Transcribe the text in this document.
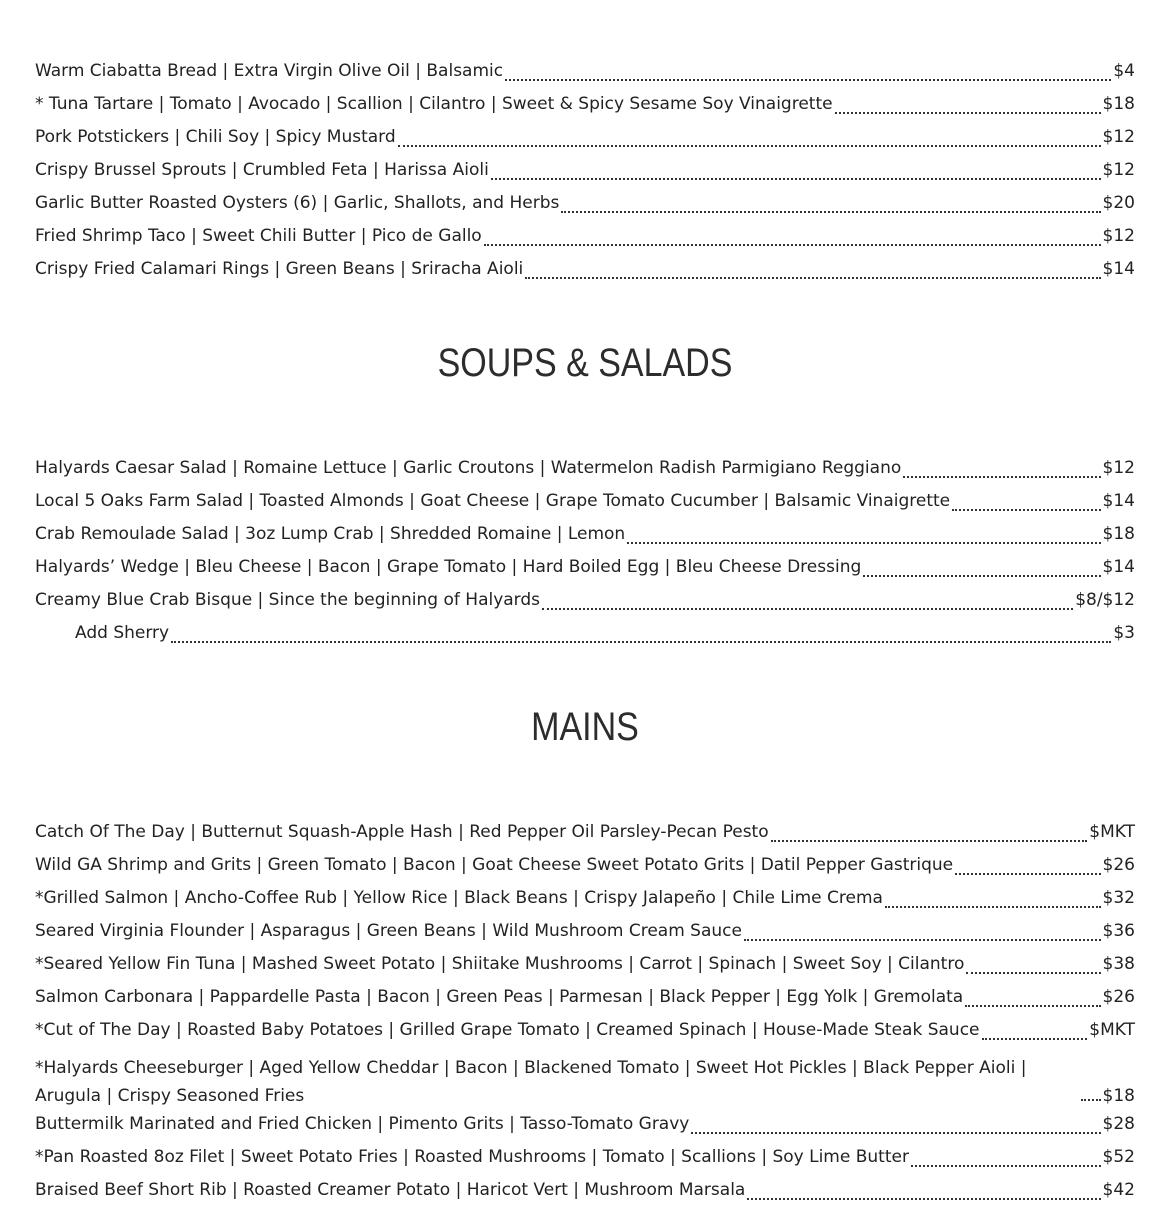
Warm Ciabatta Bread | Extra Virgin Olive Oil | Balsamic	$4
* Tuna Tartare | Tomato | Avocado | Scallion | Cilantro | Sweet & Spicy Sesame Soy Vinaigrette	$18
Pork Potstickers | Chili Soy | Spicy Mustard	$12
Crispy Brussel Sprouts | Crumbled Feta | Harissa Aioli	$12
Garlic Butter Roasted Oysters (6) | Garlic, Shallots, and Herbs	$20
Fried Shrimp Taco | Sweet Chili Butter | Pico de Gallo	$12
Crispy Fried Calamari Rings | Green Beans | Sriracha Aioli	$14
SOUPS & SALADS
Halyards Caesar Salad | Romaine Lettuce | Garlic Croutons | Watermelon Radish Parmigiano Reggiano	$12
Local 5 Oaks Farm Salad | Toasted Almonds | Goat Cheese | Grape Tomato Cucumber | Balsamic Vinaigrette	$14
Crab Remoulade Salad | 3oz Lump Crab | Shredded Romaine | Lemon	$18
Halyards’ Wedge | Bleu Cheese | Bacon | Grape Tomato | Hard Boiled Egg | Bleu Cheese Dressing	$14
Creamy Blue Crab Bisque | Since the beginning of Halyards	$8/$12
Add Sherry	$3
MAINS
Catch Of The Day | Butternut Squash-Apple Hash | Red Pepper Oil Parsley-Pecan Pesto	$MKT
Wild GA Shrimp and Grits | Green Tomato | Bacon | Goat Cheese Sweet Potato Grits | Datil Pepper Gastrique	$26
*Grilled Salmon | Ancho-Coffee Rub | Yellow Rice | Black Beans | Crispy Jalapeño | Chile Lime Crema	$32
Seared Virginia Flounder | Asparagus | Green Beans | Wild Mushroom Cream Sauce	$36
*Seared Yellow Fin Tuna | Mashed Sweet Potato | Shiitake Mushrooms | Carrot | Spinach | Sweet Soy | Cilantro	$38
Salmon Carbonara | Pappardelle Pasta | Bacon | Green Peas | Parmesan | Black Pepper | Egg Yolk | Gremolata	$26
*Cut of The Day | Roasted Baby Potatoes | Grilled Grape Tomato | Creamed Spinach | House-Made Steak Sauce	$MKT
*Halyards Cheeseburger | Aged Yellow Cheddar | Bacon | Blackened Tomato | Sweet Hot Pickles | Black Pepper Aioli | Arugula | Crispy Seasoned Fries	$18
Buttermilk Marinated and Fried Chicken | Pimento Grits | Tasso-Tomato Gravy	$28
*Pan Roasted 8oz Filet | Sweet Potato Fries | Roasted Mushrooms | Tomato | Scallions | Soy Lime Butter	$52
Braised Beef Short Rib | Roasted Creamer Potato | Haricot Vert | Mushroom Marsala	$42
